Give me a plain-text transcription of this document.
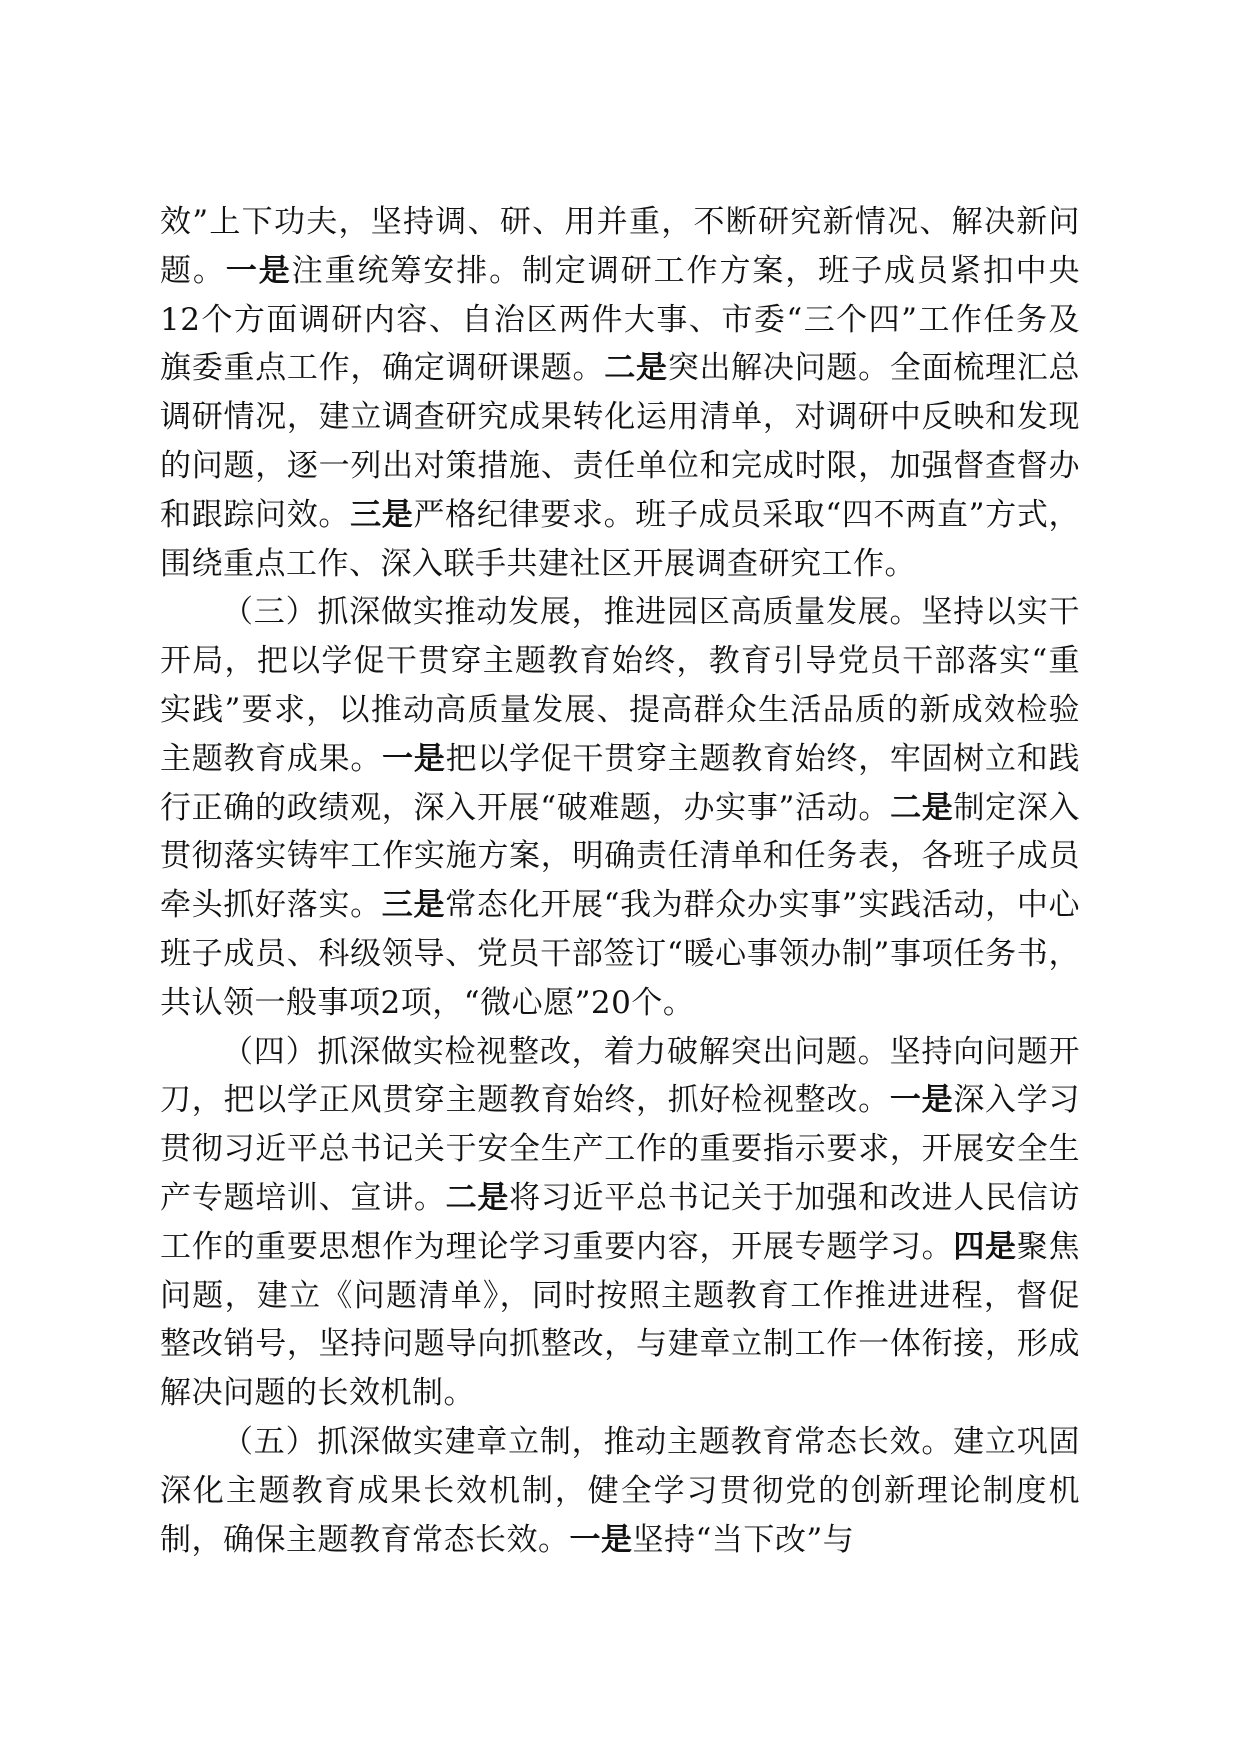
效”上下功夫，坚持调、研、用并重，不断研究新情况、解决新问题。一是注重统筹安排。制定调研工作方案，班子成员紧扣中央12个方面调研内容、自治区两件大事、市委“三个四”工作任务及旗委重点工作，确定调研课题。二是突出解决问题。全面梳理汇总调研情况，建立调查研究成果转化运用清单，对调研中反映和发现的问题，逐一列出对策措施、责任单位和完成时限，加强督查督办和跟踪问效。三是严格纪律要求。班子成员采取“四不两直”方式，围绕重点工作、深入联手共建社区开展调查研究工作。

（三）抓深做实推动发展，推进园区高质量发展。坚持以实干开局，把以学促干贯穿主题教育始终，教育引导党员干部落实“重实践”要求，以推动高质量发展、提高群众生活品质的新成效检验主题教育成果。一是把以学促干贯穿主题教育始终，牢固树立和践行正确的政绩观，深入开展“破难题，办实事”活动。二是制定深入贯彻落实铸牢工作实施方案，明确责任清单和任务表，各班子成员牵头抓好落实。三是常态化开展“我为群众办实事”实践活动，中心班子成员、科级领导、党员干部签订“暖心事领办制”事项任务书，共认领一般事项2项，“微心愿”20个。

（四）抓深做实检视整改，着力破解突出问题。坚持向问题开刀，把以学正风贯穿主题教育始终，抓好检视整改。一是深入学习贯彻习近平总书记关于安全生产工作的重要指示要求，开展安全生产专题培训、宣讲。二是将习近平总书记关于加强和改进人民信访工作的重要思想作为理论学习重要内容，开展专题学习。四是聚焦问题，建立《问题清单》，同时按照主题教育工作推进进程，督促整改销号，坚持问题导向抓整改，与建章立制工作一体衔接，形成解决问题的长效机制。

（五）抓深做实建章立制，推动主题教育常态长效。建立巩固深化主题教育成果长效机制，健全学习贯彻党的创新理论制度机制，确保主题教育常态长效。一是坚持“当下改”与
